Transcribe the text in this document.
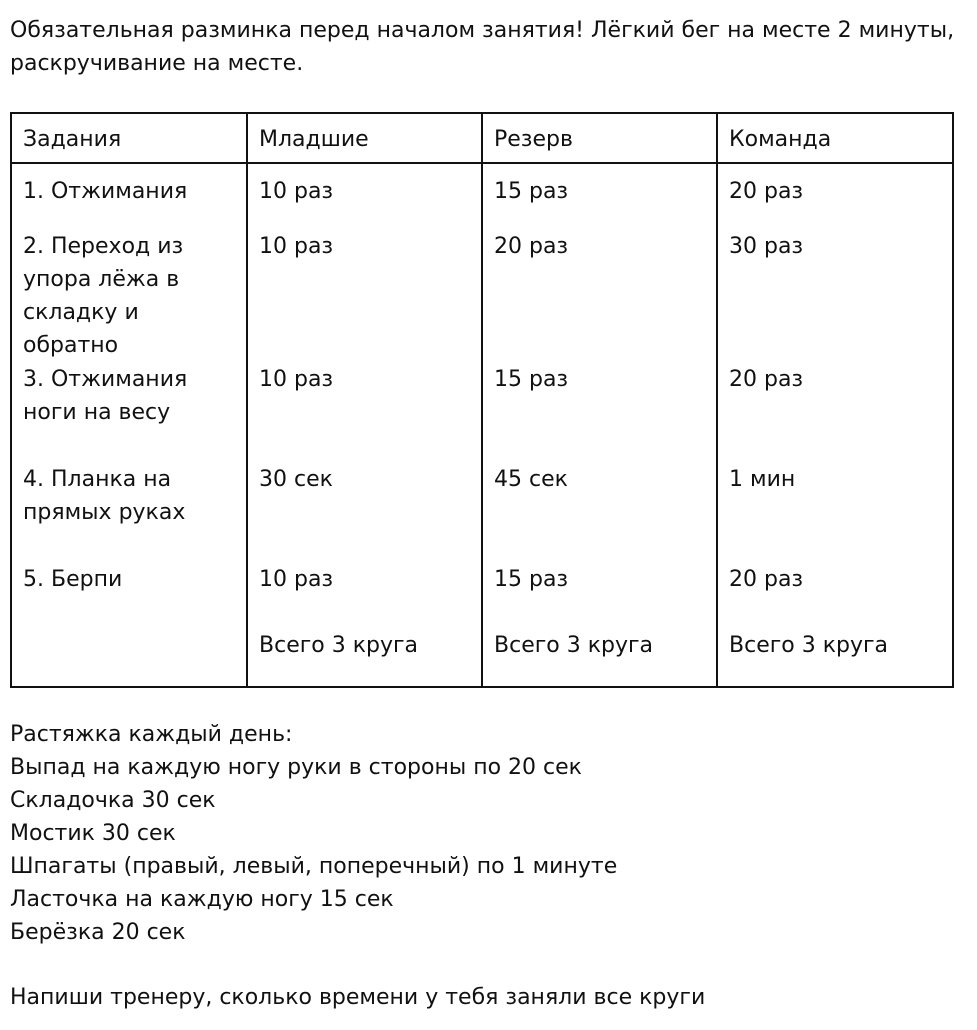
Обязательная разминка перед началом занятия! Лёгкий бег на месте 2 минуты,
раскручивание на месте.

Задания	Младшие	Резерв	Команда

1. Отжимания	10 раз	15 раз	20 раз

2. Переход из
упора лёжа в
складку и обратно	10 раз	20 раз	30 раз

3. Отжимания
ноги на весу	10 раз	15 раз	20 раз

4. Планка на
прямых руках	30 сек	45 сек	1 мин

5. Берпи	10 раз	15 раз	20 раз
	Всего 3 круга	Всего 3 круга	Всего 3 круга
Растяжка каждый день:
Выпад на каждую ногу руки в стороны по 20 сек
Складочка 30 сек
Мостик 30 сек
Шпагаты (правый, левый, поперечный) по 1 минуте
Ласточка на каждую ногу 15 сек
Берёзка 20 сек

Напиши тренеру, сколько времени у тебя заняли все круги
